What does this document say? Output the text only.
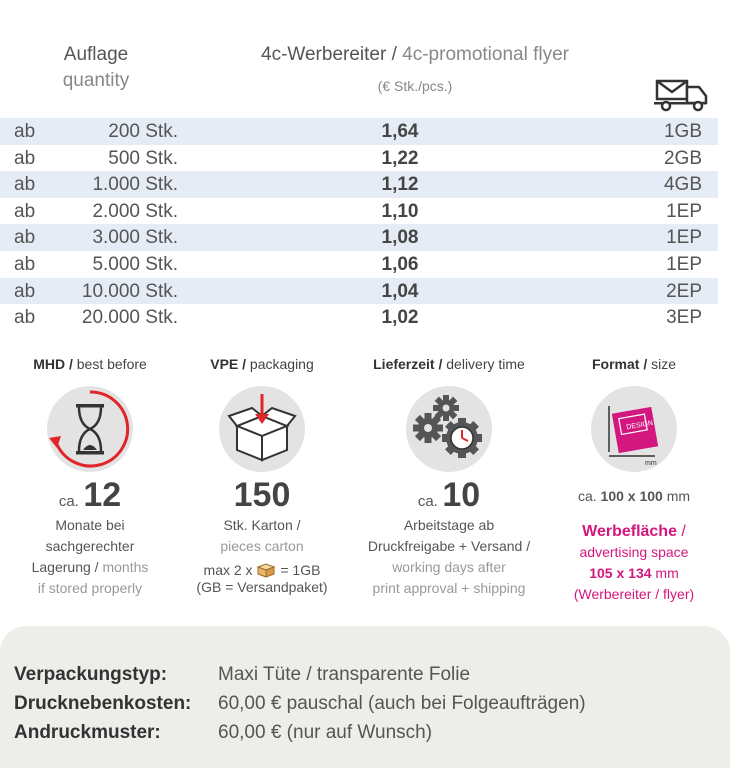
Auflage
quantity
4c-Werbereiter / 4c-promotional flyer
(€ Stk./pcs.)
ab	200 Stk.	1,64	1GB
ab	500 Stk.	1,22	2GB
ab	1.000 Stk.	1,12	4GB
ab	2.000 Stk.	1,10	1EP
ab	3.000 Stk.	1,08	1EP
ab	5.000 Stk.	1,06	1EP
ab	10.000 Stk.	1,04	2EP
ab	20.000 Stk.	1,02	3EP
MHD / best before
ca. 12
Monate bei
sachgerechter
Lagerung / months
if stored properly
VPE / packaging
150
Stk. Karton /
pieces carton
max 2 x = 1GB
(GB = Versandpaket)
Lieferzeit / delivery time
ca. 10
Arbeitstage ab
Druckfreigabe + Versand /
working days after
print approval + shipping
Format / size
DESIGN
mm
ca. 100 x 100 mm
Werbefläche /
advertising space
105 x 134 mm
(Werbereiter / flyer)
Verpackungstyp:	Maxi Tüte / transparente Folie
Drucknebenkosten: 60,00 € pauschal (auch bei Folgeaufträgen)
Andruckmuster:	60,00 € (nur auf Wunsch)
